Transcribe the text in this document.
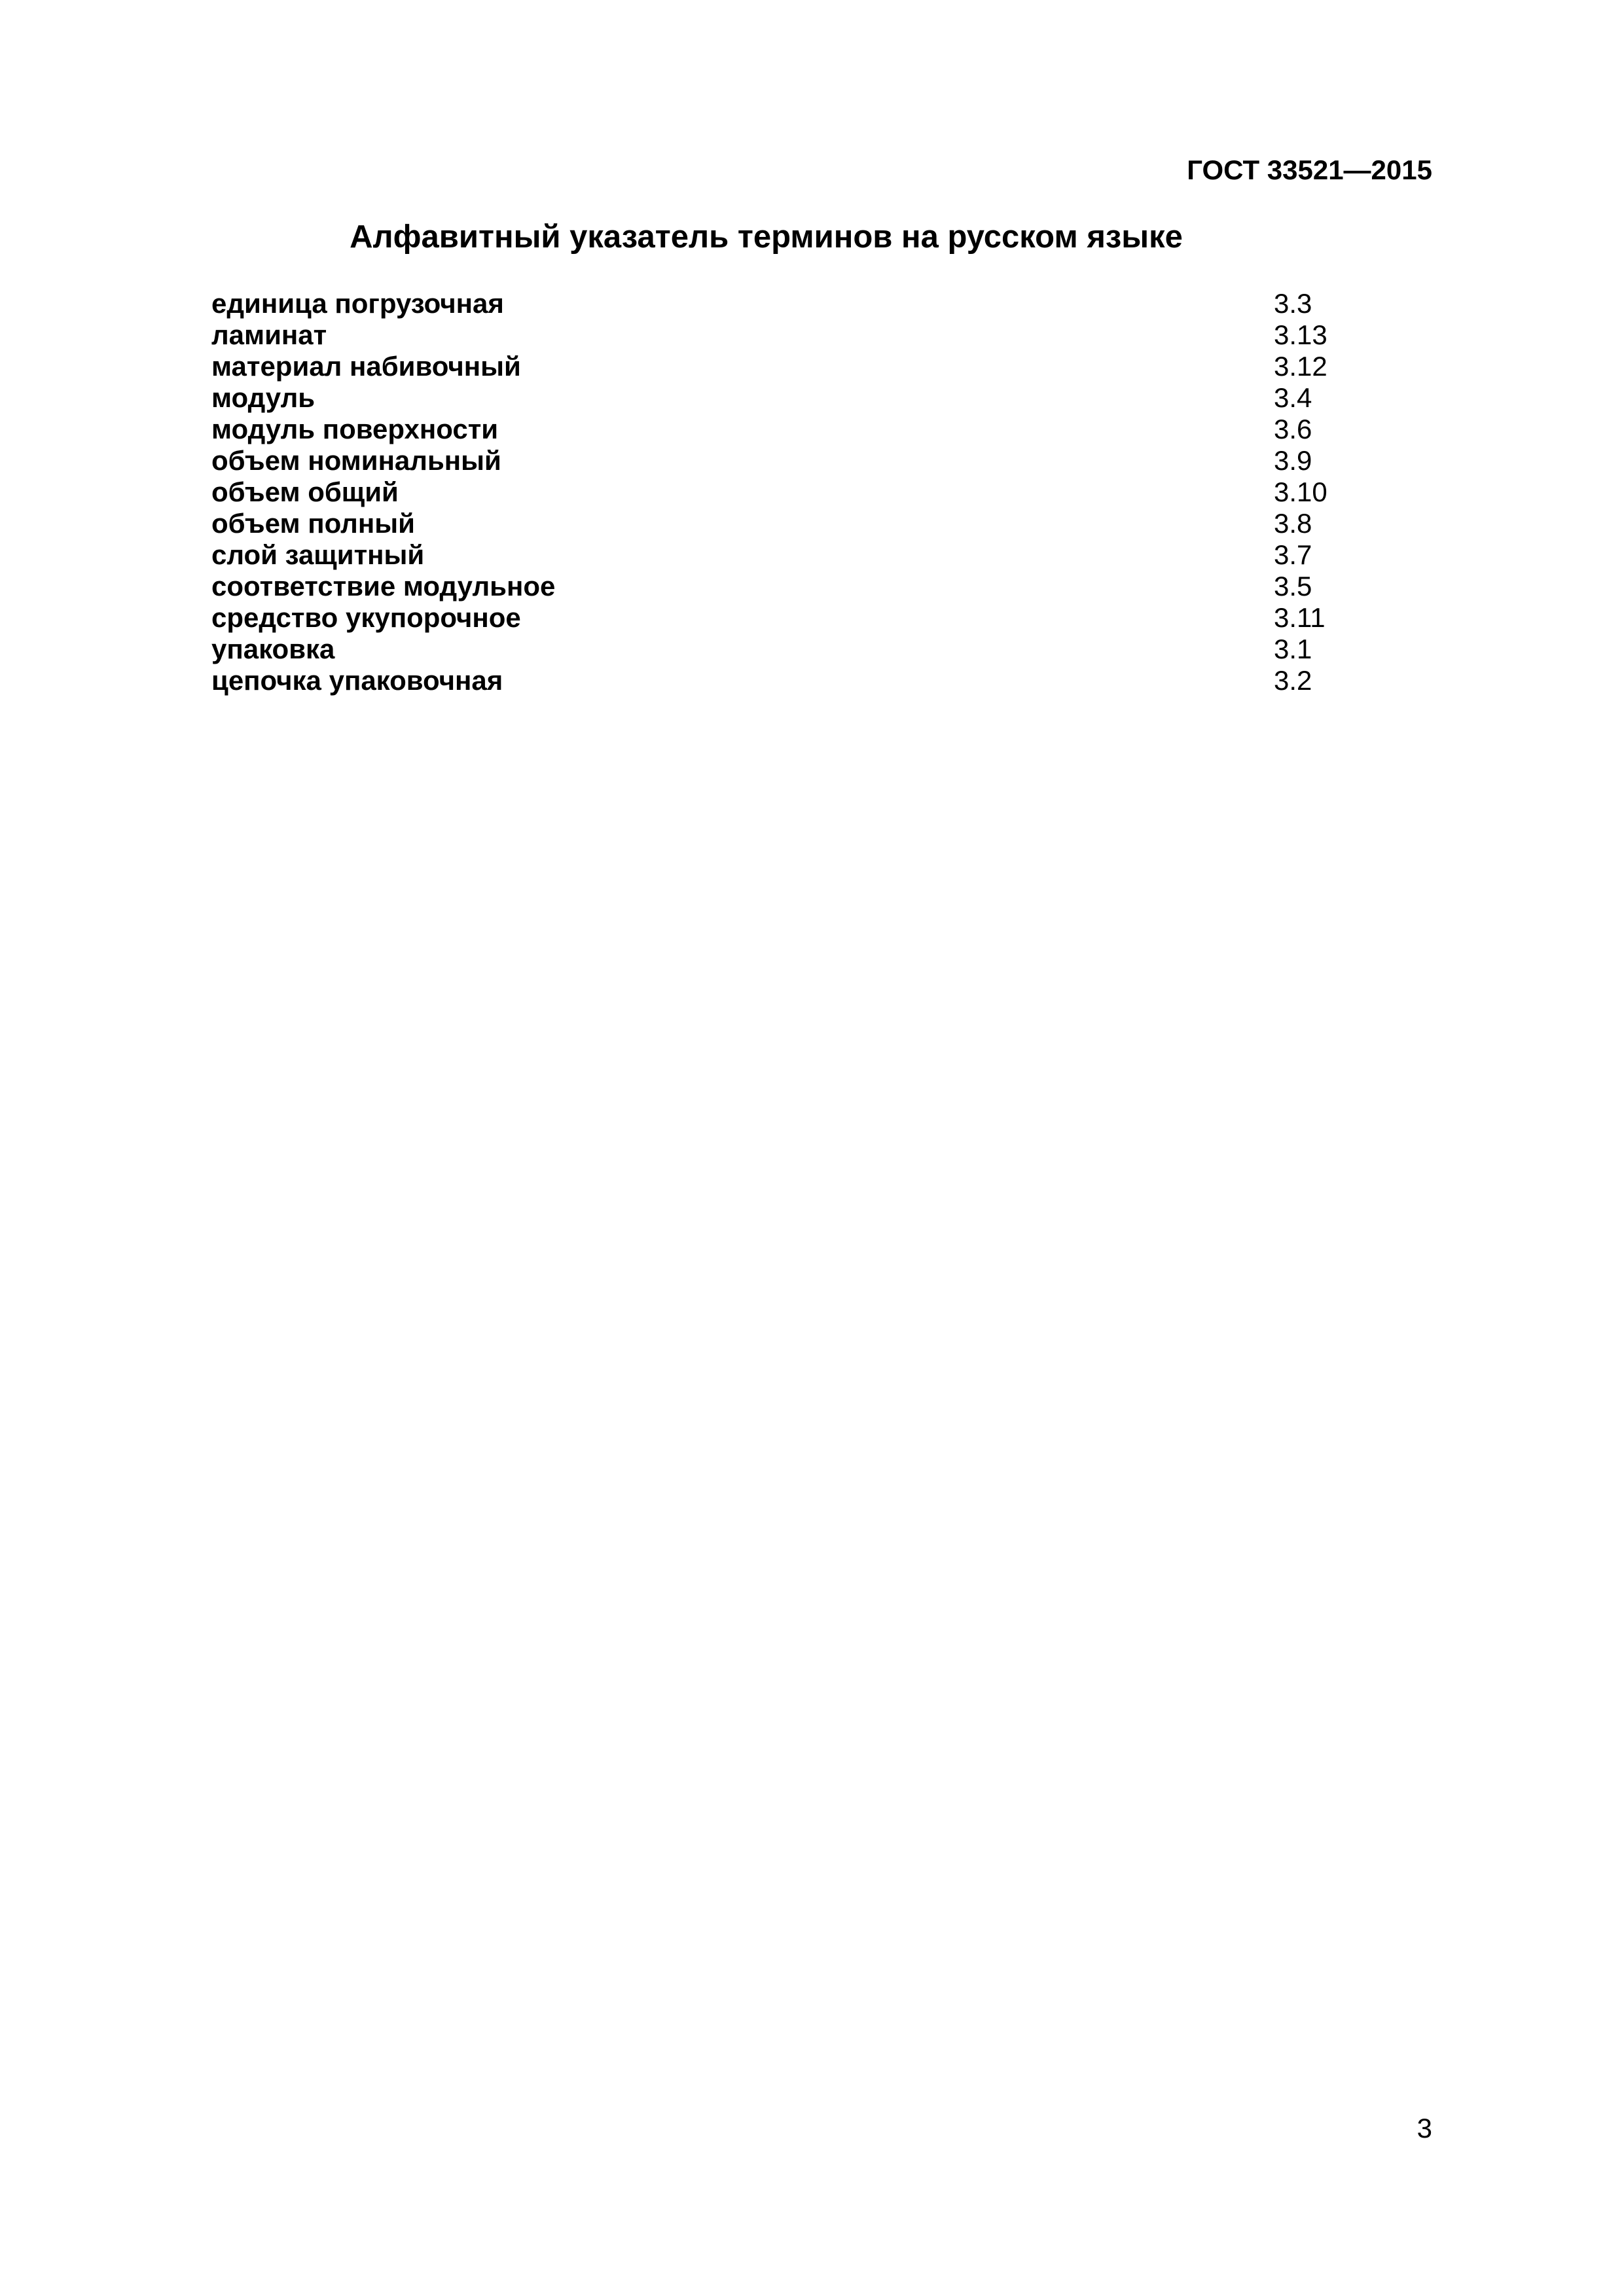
ГОСТ 33521—2015
Алфавитный указатель терминов на русском языке
единица погрузочная	3.3
ламинат	3.13
материал набивочный	3.12
модуль	3.4
модуль поверхности	3.6
объем номинальный	3.9
объем общий	3.10
объем полный	3.8
слой защитный	3.7
соответствие модульное	3.5
средство укупорочное	3.11
упаковка	3.1
цепочка упаковочная	3.2
3
